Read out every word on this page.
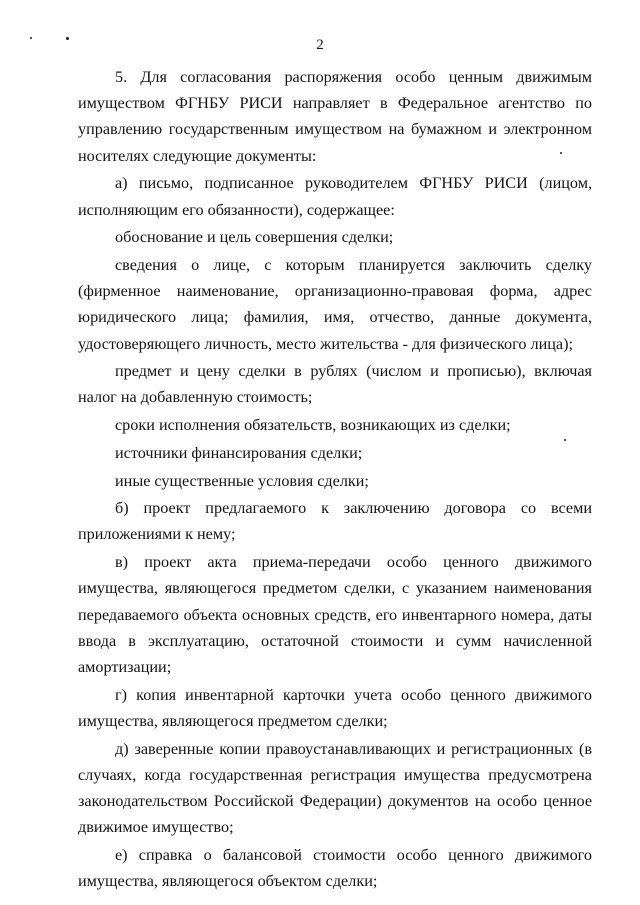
2

5. Для согласования распоряжения особо ценным движимым имуществом ФГНБУ РИСИ направляет в Федеральное агентство по управлению государственным имуществом на бумажном и электронном носителях следующие документы:

а) письмо, подписанное руководителем ФГНБУ РИСИ (лицом, исполняющим его обязанности), содержащее:

обоснование и цель совершения сделки;

сведения о лице, с которым планируется заключить сделку (фирменное наименование, организационно-правовая форма, адрес юридического лица; фамилия, имя, отчество, данные документа, удостоверяющего личность, место жительства - для физического лица);

предмет и цену сделки в рублях (числом и прописью), включая налог на добавленную стоимость;

сроки исполнения обязательств, возникающих из сделки;

источники финансирования сделки;

иные существенные условия сделки;

б) проект предлагаемого к заключению договора со всеми приложениями к нему;

в) проект акта приема-передачи особо ценного движимого имущества, являющегося предметом сделки, с указанием наименования передаваемого объекта основных средств, его инвентарного номера, даты ввода в эксплуатацию, остаточной стоимости и сумм начисленной амортизации;

г) копия инвентарной карточки учета особо ценного движимого имущества, являющегося предметом сделки;

д) заверенные копии правоустанавливающих и регистрационных (в случаях, когда государственная регистрация имущества предусмотрена законодательством Российской Федерации) документов на особо ценное движимое имущество;

е) справка о балансовой стоимости особо ценного движимого имущества, являющегося объектом сделки;
